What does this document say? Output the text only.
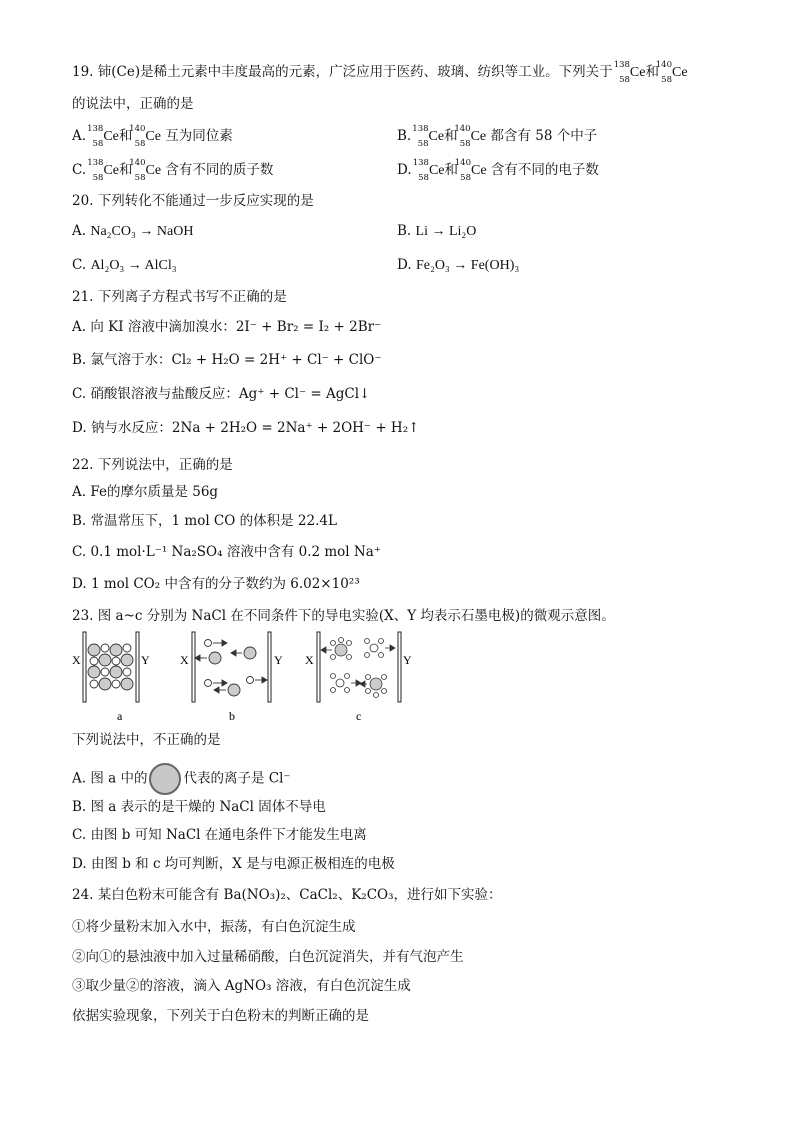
19. 铈(Ce)是稀土元素中丰度最高的元素，广泛应用于医药、玻璃、纺织等工业。下列关于 138
58 Ce和
140
58 Ce
的说法中，正确的是
A. 138
58 Ce和
140
58 Ce 互为同位素	B. 138
58 Ce和
140
58 Ce 都含有 58 个中子
C. 138
58 Ce和
140
58 Ce 含有不同的质子数	D. 138
58 Ce和
140
58 Ce 含有不同的电子数
20. 下列转化不能通过一步反应实现的是
A. Na₂CO₃ → NaOH	B. Li → Li₂O
C. Al₂O₃ → AlCl₃	D. Fe₂O₃ → Fe(OH)₃
21. 下列离子方程式书写不正确的是
A. 向 KI 溶液中滴加溴水：2I⁻ + Br₂ = I₂ + 2Br⁻
B. 氯气溶于水：Cl₂ + H₂O = 2H⁺ + Cl⁻ + ClO⁻
C. 硝酸银溶液与盐酸反应：Ag⁺ + Cl⁻ = AgCl↓
D. 钠与水反应：2Na + 2H₂O = 2Na⁺ + 2OH⁻ + H₂↑
22. 下列说法中，正确的是
A. Fe的摩尔质量是 56g
B. 常温常压下，1 mol CO 的体积是 22.4L
C. 0.1 mol·L⁻¹ Na₂SO₄ 溶液中含有 0.2 mol Na⁺
D. 1 mol CO₂ 中含有的分子数约为 6.02×10²³
23. 图 a~c 分别为 NaCl 在不同条件下的导电实验(X、Y 均表示石墨电极)的微观示意图。
X	Y
a
X	Y
b
X	Y
c
下列说法中，不正确的是
A. 图 a 中的	代表的离子是 Cl⁻
B. 图 a 表示的是干燥的 NaCl 固体不导电
C. 由图 b 可知 NaCl 在通电条件下才能发生电离
D. 由图 b 和 c 均可判断，X 是与电源正极相连的电极
24. 某白色粉末可能含有 Ba(NO₃)₂、CaCl₂、K₂CO₃，进行如下实验：
①将少量粉末加入水中，振荡，有白色沉淀生成
②向①的悬浊液中加入过量稀硝酸，白色沉淀消失，并有气泡产生
③取少量②的溶液，滴入 AgNO₃ 溶液，有白色沉淀生成
依据实验现象，下列关于白色粉末的判断正确的是
